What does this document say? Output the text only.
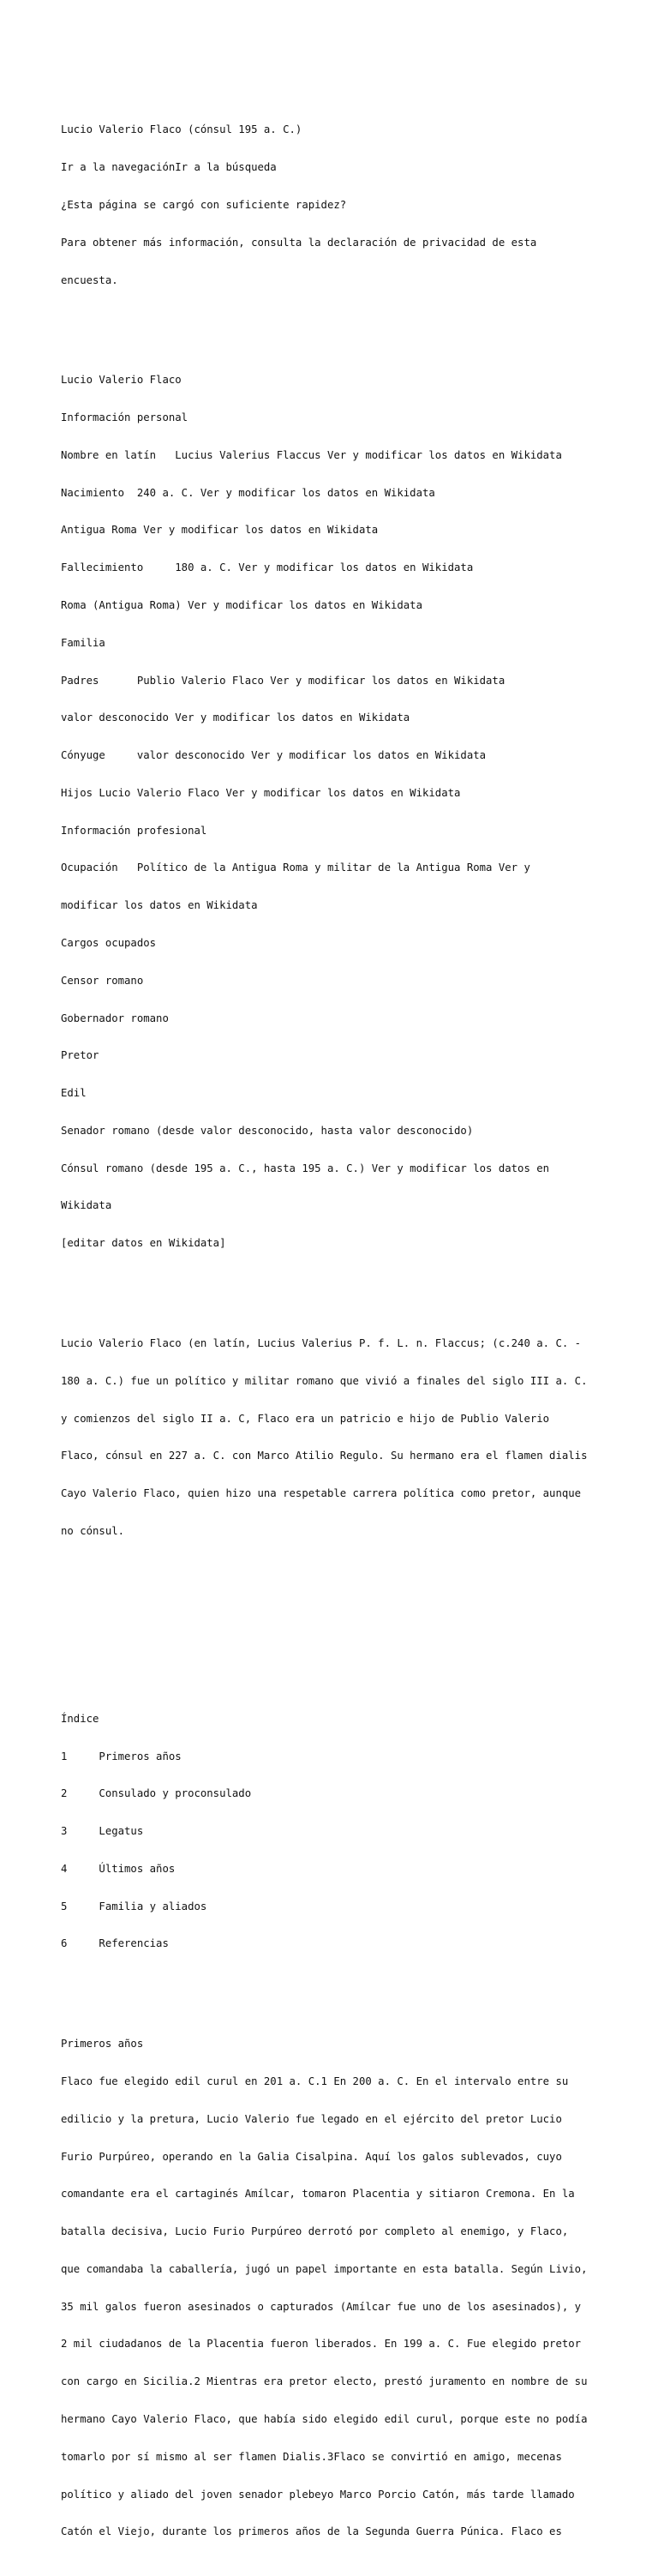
Lucio Valerio Flaco (cónsul 195 a. C.)

Ir a la navegaciónIr a la búsqueda

¿Esta página se cargó con suficiente rapidez?

Para obtener más información, consulta la declaración de privacidad de esta

encuesta.

Lucio Valerio Flaco

Información personal

Nombre en latín   Lucius Valerius Flaccus Ver y modificar los datos en Wikidata

Nacimiento  240 a. C. Ver y modificar los datos en Wikidata

Antigua Roma Ver y modificar los datos en Wikidata

Fallecimiento     180 a. C. Ver y modificar los datos en Wikidata

Roma (Antigua Roma) Ver y modificar los datos en Wikidata

Familia

Padres      Publio Valerio Flaco Ver y modificar los datos en Wikidata

valor desconocido Ver y modificar los datos en Wikidata

Cónyuge     valor desconocido Ver y modificar los datos en Wikidata

Hijos Lucio Valerio Flaco Ver y modificar los datos en Wikidata

Información profesional

Ocupación   Político de la Antigua Roma y militar de la Antigua Roma Ver y

modificar los datos en Wikidata

Cargos ocupados

Censor romano

Gobernador romano

Pretor

Edil

Senador romano (desde valor desconocido, hasta valor desconocido)

Cónsul romano (desde 195 a. C., hasta 195 a. C.) Ver y modificar los datos en

Wikidata

[editar datos en Wikidata]

Lucio Valerio Flaco (en latín, Lucius Valerius P. f. L. n. Flaccus; (c.240 a. C. -

180 a. C.) fue un político y militar romano que vivió a finales del siglo III a. C.

y comienzos del siglo II a. C, Flaco era un patricio e hijo de Publio Valerio

Flaco, cónsul en 227 a. C. con Marco Atilio Regulo. Su hermano era el flamen dialis

Cayo Valerio Flaco, quien hizo una respetable carrera política como pretor, aunque

no cónsul.

Índice

1     Primeros años

2     Consulado y proconsulado

3     Legatus

4     Últimos años

5     Familia y aliados

6     Referencias

Primeros años

Flaco fue elegido edil curul en 201 a. C.1 En 200 a. C. En el intervalo entre su

edilicio y la pretura, Lucio Valerio fue legado en el ejército del pretor Lucio

Furio Purpúreo, operando en la Galia Cisalpina. Aquí los galos sublevados, cuyo

comandante era el cartaginés Amílcar, tomaron Placentia y sitiaron Cremona. En la

batalla decisiva, Lucio Furio Purpúreo derrotó por completo al enemigo, y Flaco,

que comandaba la caballería, jugó un papel importante en esta batalla. Según Livio,

35 mil galos fueron asesinados o capturados (Amílcar fue uno de los asesinados), y

2 mil ciudadanos de la Placentia fueron liberados. En 199 a. C. Fue elegido pretor

con cargo en Sicilia.2 Mientras era pretor electo, prestó juramento en nombre de su

hermano Cayo Valerio Flaco, que había sido elegido edil curul, porque este no podía

tomarlo por sí mismo al ser flamen Dialis.3Flaco se convirtió en amigo, mecenas

político y aliado del joven senador plebeyo Marco Porcio Catón, más tarde llamado

Catón el Viejo, durante los primeros años de la Segunda Guerra Púnica. Flaco es
